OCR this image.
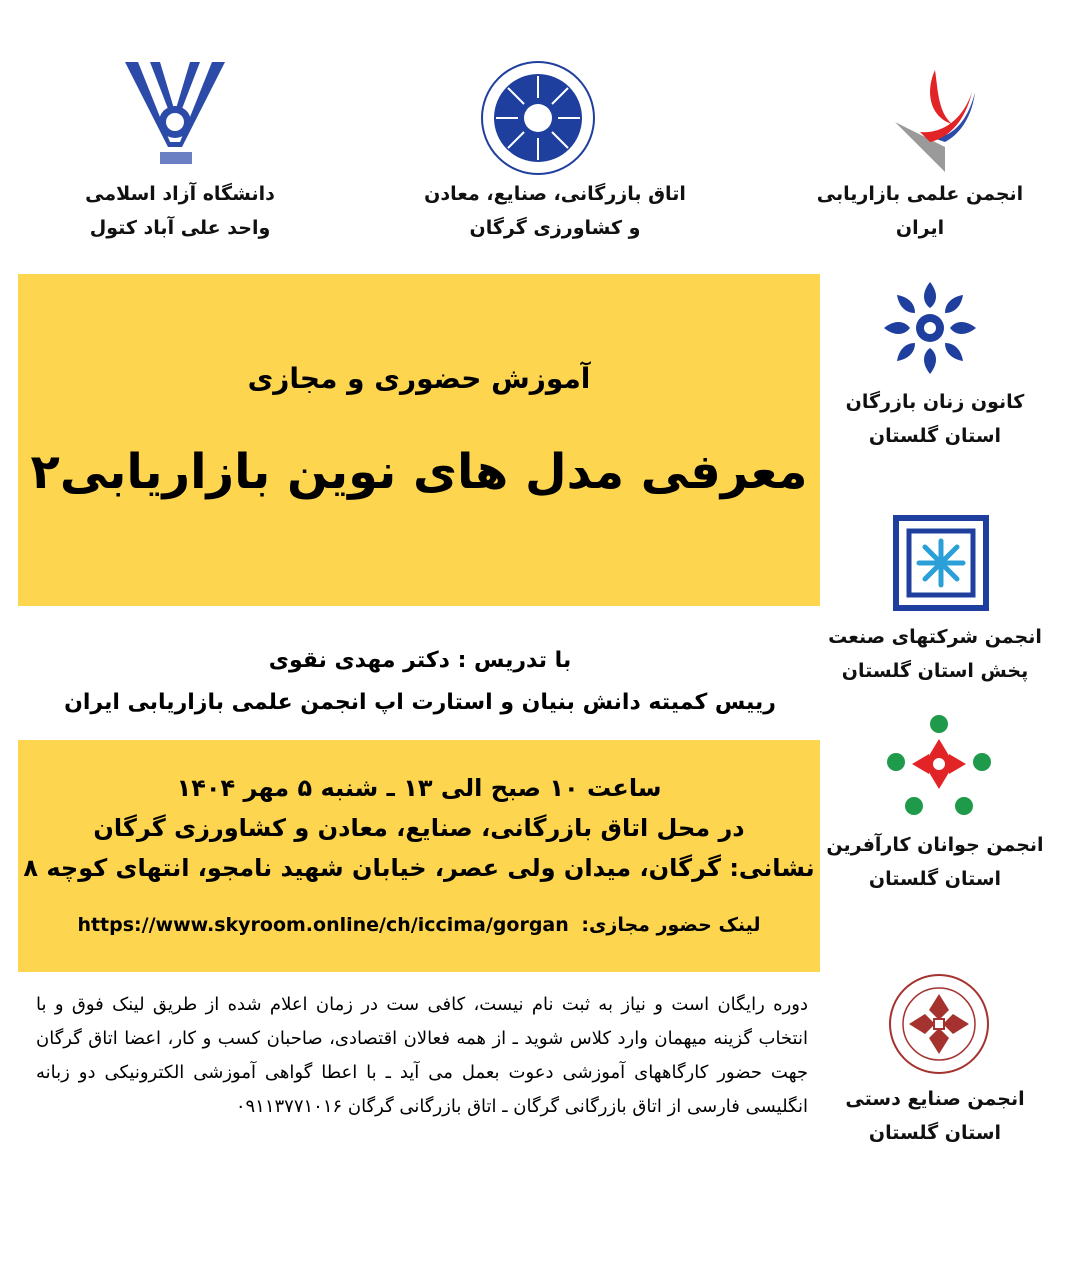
دانشگاه آزاد اسلامی
واحد علی آباد کتول
اتاق بازرگانی، صنایع، معادن
و کشاورزی گرگان
انجمن علمی بازاریابی ایران
آموزش حضوری و مجازی
معرفی مدل های نوین بازاریابی۲
با تدریس : دکتر مهدی نقوی
رییس کمیته دانش بنیان و استارت اپ انجمن علمی بازاریابی ایران
ساعت ۱۰ صبح الی ۱۳ ـ شنبه ۵ مهر ۱۴۰۴
در محل اتاق بازرگانی، صنایع، معادن و کشاورزی گرگان
نشانی: گرگان، میدان ولی عصر، خیابان شهید نامجو، انتهای کوچه ۸
https://www.skyroom.online/ch/iccima/gorgan لینک حضور مجازی:
دوره رایگان است و نیاز به ثبت نام نیست، کافی ست در زمان اعلام شده از طریق لینک فوق و با انتخاب گزینه میهمان وارد کلاس شوید ـ از همه فعالان اقتصادی، صاحبان کسب و کار، اعضا اتاق گرگان جهت حضور کارگاههای آموزشی دعوت بعمل می آید ـ با اعطا گواهی آموزشی الکترونیکی دو زبانه انگلیسی فارسی از اتاق بازرگانی گرگان ـ اتاق بازرگانی گرگان ۰۹۱۱۳۷۷۱۰۱۶
کانون زنان بازرگان
استان گلستان
انجمن شرکتهای صنعت
پخش استان گلستان
انجمن جوانان کارآفرین
استان گلستان
انجمن صنایع دستی
استان گلستان
